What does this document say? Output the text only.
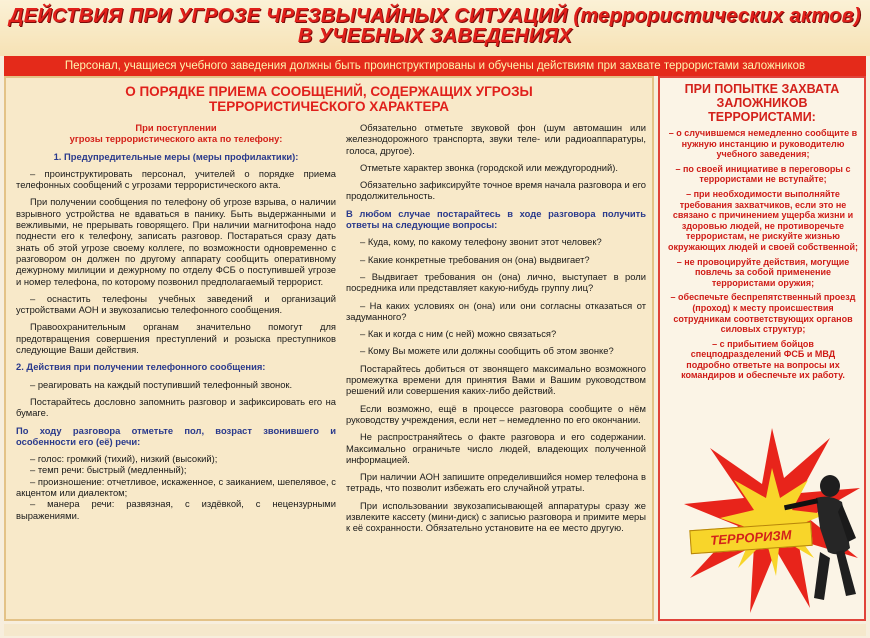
ДЕЙСТВИЯ ПРИ УГРОЗЕ ЧРЕЗВЫЧАЙНЫХ СИТУАЦИЙ (террористических актов)
В УЧЕБНЫХ ЗАВЕДЕНИЯХ
Персонал, учащиеся учебного заведения должны быть проинструктированы и обучены действиям при захвате террористами заложников
О ПОРЯДКЕ ПРИЕМА СООБЩЕНИЙ, СОДЕРЖАЩИХ УГРОЗЫ
ТЕРРОРИСТИЧЕСКОГО ХАРАКТЕРА

При поступлении

угрозы террористического акта по телефону:

1. Предупредительные меры (меры профилактики):

– проинструктировать персонал, учителей о порядке приема телефонных сообщений с угрозами террористического акта.

При получении сообщения по телефону об угрозе взрыва, о наличии взрывного устройства не вдаваться в панику. Быть выдержанными и вежливыми, не прерывать говорящего. При наличии магнитофона надо поднести его к телефону, записать разговор. Постараться сразу дать знать об этой угрозе своему коллеге, по возможности одновременно с разговором он должен по другому аппарату сообщить оперативному дежурному милиции и дежурному по отделу ФСБ о поступившей угрозе и номер телефона, по которому позвонил предполагаемый террорист.

– оснастить телефоны учебных заведений и организаций устройствами АОН и звукозаписью телефонного сообщения.

Правоохранительным органам значительно помогут для предотвращения совершения преступлений и розыска преступников следующие Ваши действия.

2. Действия при получении телефонного сообщения:

– реагировать на каждый поступивший телефонный звонок.

Постарайтесь дословно запомнить разговор и зафиксировать его на бумаге.

По ходу разговора отметьте пол, возраст звонившего и особенности его (её) речи:

– голос: громкий (тихий), низкий (высокий);

– темп речи: быстрый (медленный);

– произношение: отчетливое, искаженное, с заиканием, шепелявое, с акцентом или диалектом;

– манера речи: развязная, с издёвкой, с нецензурными выражениями.

Обязательно отметьте звуковой фон (шум автомашин или железнодорожного транспорта, звуки теле- или радиоаппаратуры, голоса, другое).

Отметьте характер звонка (городской или междугородний).

Обязательно зафиксируйте точное время начала разговора и его продолжительность.

В любом случае постарайтесь в ходе разговора получить ответы на следующие вопросы:

– Куда, кому, по какому телефону звонит этот человек?

– Какие конкретные требования он (она) выдвигает?

– Выдвигает требования он (она) лично, выступает в роли посредника или представляет какую-нибудь группу лиц?

– На каких условиях он (она) или они согласны отказаться от задуманного?

– Как и когда с ним (с ней) можно связаться?

– Кому Вы можете или должны сообщить об этом звонке?

Постарайтесь добиться от звонящего максимально возможного промежутка времени для принятия Вами и Вашим руководством решений или совершения каких-либо действий.

Если возможно, ещё в процессе разговора сообщите о нём руководству учреждения, если нет – немедленно по его окончании.

Не распространяйтесь о факте разговора и его содержании. Максимально ограничьте число людей, владеющих полученной информацией.

При наличии АОН запишите определившийся номер телефона в тетрадь, что позволит избежать его случайной утраты.

При использовании звукозаписывающей аппаратуры сразу же извлеките кассету (мини-диск) с записью разговора и примите меры к её сохранности. Обязательно установите на ее место другую.

ПРИ ПОПЫТКЕ ЗАХВАТА
ЗАЛОЖНИКОВ
ТЕРРОРИСТАМИ:

– о случившемся немедленно сообщите в нужную инстанцию и руководителю учебного заведения;

– по своей инициативе в переговоры с террористами не вступайте;

– при необходимости выполняйте требования захватчиков, если это не связано с причинением ущерба жизни и здоровью людей, не противоречьте террористам, не рискуйте жизнью окружающих людей и своей собственной;

– не провоцируйте действия, могущие повлечь за собой применение террористами оружия;

– обеспечьте беспрепятственный проезд (проход) к месту происшествия сотрудникам соответствующих органов силовых структур;

– с прибытием бойцов спецподразделений ФСБ и МВД подробно ответьте на вопросы их командиров и обеспечьте их работу.

ТЕРРОРИЗМ
